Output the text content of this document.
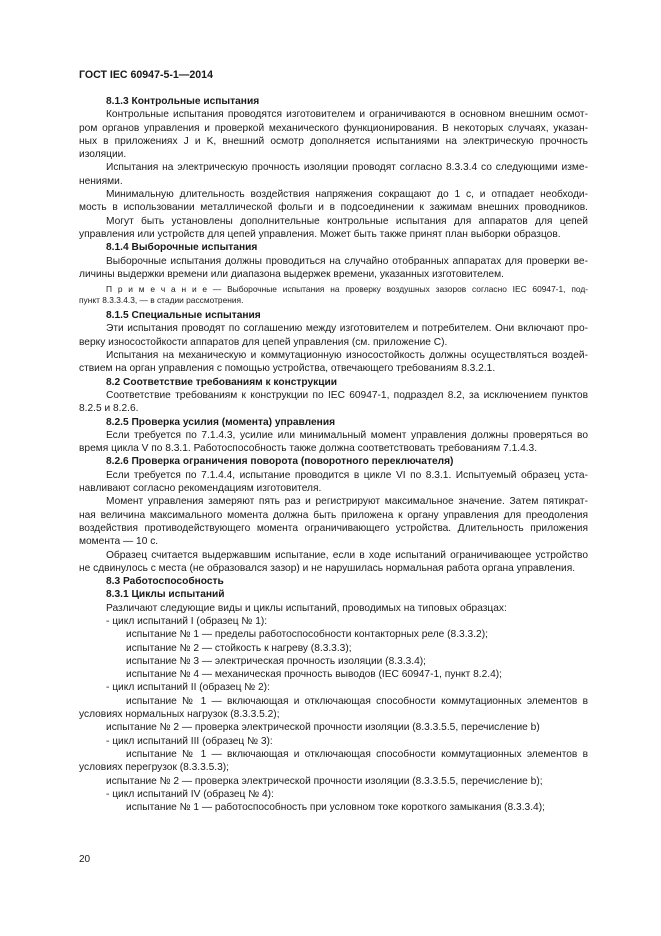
ГОСТ IEC 60947-5-1—2014
8.1.3 Контрольные испытания
Контрольные испытания проводятся изготовителем и ограничиваются в основном внешним осмот-
ром органов управления и проверкой механического функционирования. В некоторых случаях, указан-
ных в приложениях J и K, внешний осмотр дополняется испытаниями на электрическую прочность
изоляции.
Испытания на электрическую прочность изоляции проводят согласно 8.3.3.4 со следующими изме-
нениями.
Минимальную длительность воздействия напряжения сокращают до 1 с, и отпадает необходи-
мость в использовании металлической фольги и в подсоединении к зажимам внешних проводников.
Могут быть установлены дополнительные контрольные испытания для аппаратов для цепей
управления или устройств для цепей управления. Может быть также принят план выборки образцов.
8.1.4 Выборочные испытания
Выборочные испытания должны проводиться на случайно отобранных аппаратах для проверки ве-
личины выдержки времени или диапазона выдержек времени, указанных изготовителем.
П р и м е ч а н и е — Выборочные испытания на проверку воздушных зазоров согласно IEC 60947-1, под-
пункт 8.3.3.4.3, — в стадии рассмотрения.
8.1.5 Специальные испытания
Эти испытания проводят по соглашению между изготовителем и потребителем. Они включают про-
верку износостойкости аппаратов для цепей управления (см. приложение С).
Испытания на механическую и коммутационную износостойкость должны осуществляться воздей-
ствием на орган управления с помощью устройства, отвечающего требованиям 8.3.2.1.
8.2 Соответствие требованиям к конструкции
Соответствие требованиям к конструкции по IEC 60947-1, подраздел 8.2, за исключением пунктов
8.2.5 и 8.2.6.
8.2.5 Проверка усилия (момента) управления
Если требуется по 7.1.4.3, усилие или минимальный момент управления должны проверяться во
время цикла V по 8.3.1. Работоспособность также должна соответствовать требованиям 7.1.4.3.
8.2.6 Проверка ограничения поворота (поворотного переключателя)
Если требуется по 7.1.4.4, испытание проводится в цикле VI по 8.3.1. Испытуемый образец уста-
навливают согласно рекомендациям изготовителя.
Момент управления замеряют пять раз и регистрируют максимальное значение. Затем пятикрат-
ная величина максимального момента должна быть приложена к органу управления для преодоления
воздействия противодействующего момента ограничивающего устройства. Длительность приложения
момента — 10 с.
Образец считается выдержавшим испытание, если в ходе испытаний ограничивающее устройство
не сдвинулось с места (не образовался зазор) и не нарушилась нормальная работа органа управления.
8.3 Работоспособность
8.3.1 Циклы испытаний
Различают следующие виды и циклы испытаний, проводимых на типовых образцах:
- цикл испытаний I (образец № 1):
испытание № 1 — пределы работоспособности контакторных реле (8.3.3.2);
испытание № 2 — стойкость к нагреву (8.3.3.3);
испытание № 3 — электрическая прочность изоляции (8.3.3.4);
испытание № 4 — механическая прочность выводов (IEC 60947-1, пункт 8.2.4);
- цикл испытаний II (образец № 2):
испытание № 1 — включающая и отключающая способности коммутационных элементов в
условиях нормальных нагрузок (8.3.3.5.2);
испытание № 2 — проверка электрической прочности изоляции (8.3.3.5.5, перечисление b)
- цикл испытаний III (образец № 3):
испытание № 1 — включающая и отключающая способности коммутационных элементов в
условиях перегрузок (8.3.3.5.3);
испытание № 2 — проверка электрической прочности изоляции (8.3.3.5.5, перечисление b);
- цикл испытаний IV (образец № 4):
испытание № 1 — работоспособность при условном токе короткого замыкания (8.3.3.4);
20
